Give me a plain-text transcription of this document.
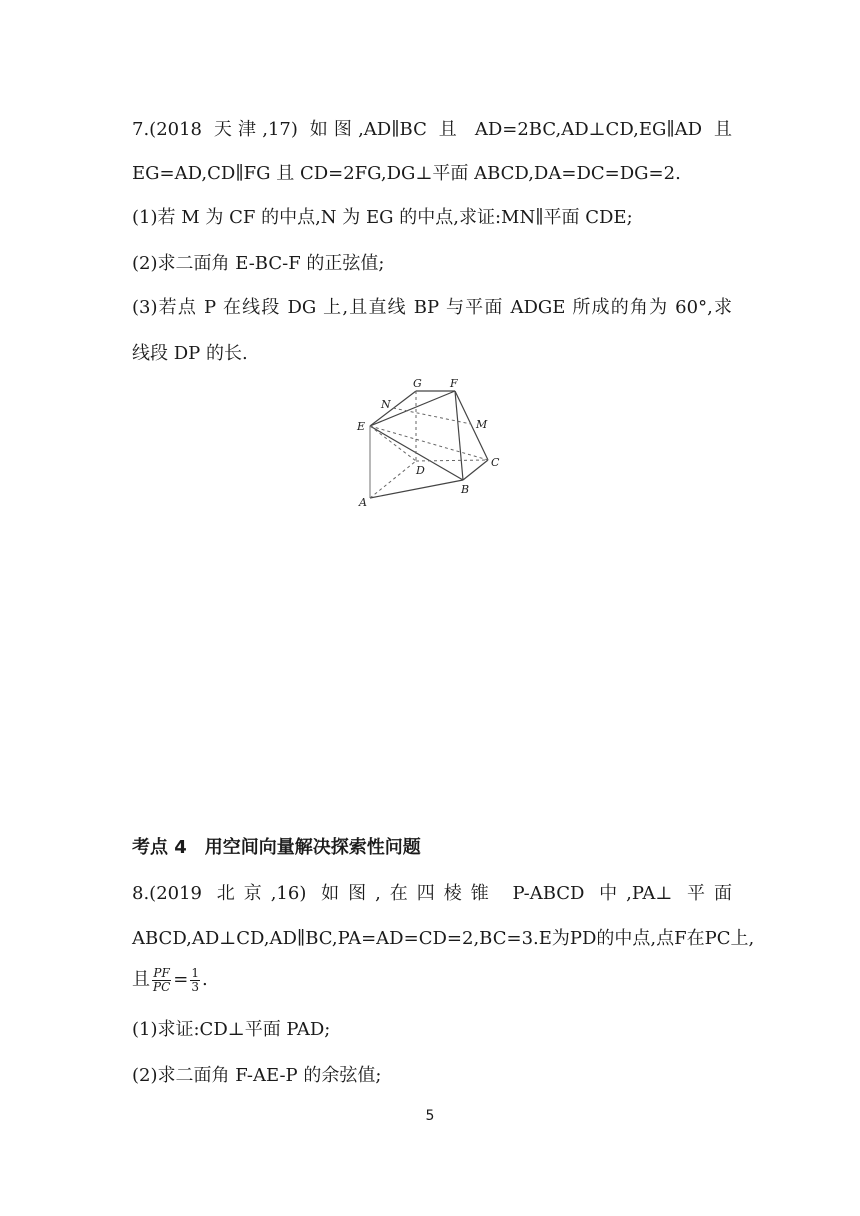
7.(2018 天津,17) 如图,AD∥BC 且 AD=2BC,AD⊥CD,EG∥AD 且
EG=AD,CD∥FG 且 CD=2FG,DG⊥平面 ABCD,DA=DC=DG=2.
(1)若 M 为 CF 的中点,N 为 EG 的中点,求证:MN∥平面 CDE;
(2)求二面角 E-BC-F 的正弦值;
(3)若点 P 在线段 DG 上,且直线 BP 与平面 ADGE 所成的角为 60°,求
线段 DP 的长.
G	F
N
M
E
D
C
B
A
考点 4　用空间向量解决探索性问题
8.(2019 北京,16) 如图,在四棱锥 P-ABCD 中,PA⊥ 平面
ABCD,AD⊥CD,AD∥BC,PA=AD=CD=2,BC=3.E为PD的中点,点F在PC上,
且 $\frac{PF}{PC} = \frac{1}{3}$ .
(1)求证:CD⊥平面 PAD;
(2)求二面角 F-AE-P 的余弦值;
5
